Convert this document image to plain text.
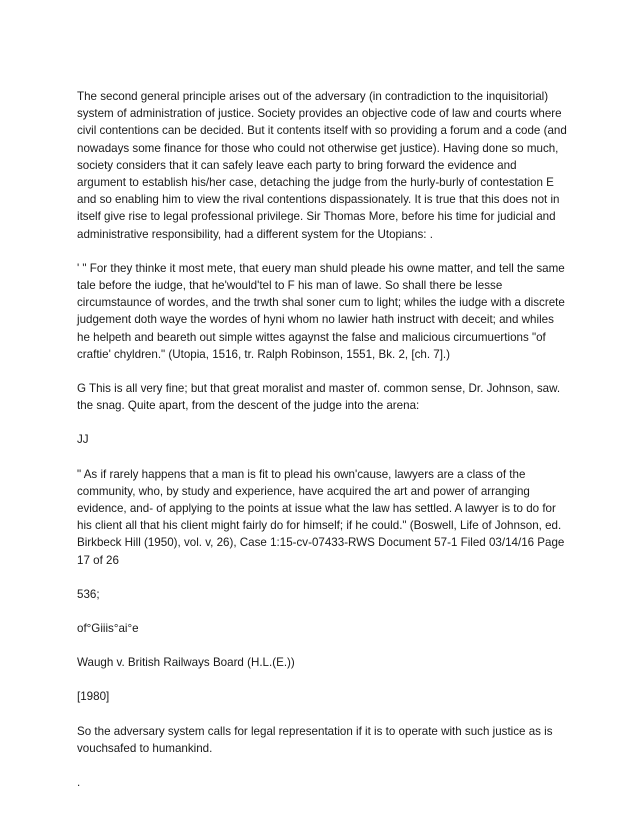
The second general principle arises out of the adversary (in contradiction to the inquisitorial) system of administration of justice. Society provides an objective code of law and courts where civil contentions can be decided. But it contents itself with so providing a forum and a code (and nowadays some finance for those who could not otherwise get justice). Having done so much, society considers that it can safely leave each party to bring forward the evidence and argument to establish his/her case, detaching the judge from the hurly-burly of contestation E and so enabling him to view the rival contentions dispassionately. It is true that this does not in itself give rise to legal professional privilege. Sir Thomas More, before his time for judicial and administrative responsibility, had a different system for the Utopians: .

' " For they thinke it most mete, that euery man shuld pleade his owne matter, and tell the same tale before the iudge, that he'would'tel to F his man of lawe. So shall there be lesse circumstaunce of wordes, and the trwth shal soner cum to light; whiles the iudge with a discrete judgement doth waye the wordes of hyni whom no lawier hath instruct with deceit; and whiles he helpeth and beareth out simple wittes agaynst the false and malicious circumuertions "of craftie' chyldren." (Utopia, 1516, tr. Ralph Robinson, 1551, Bk. 2, [ch. 7].)

G This is all very fine; but that great moralist and master of. common sense, Dr. Johnson, saw. the snag. Quite apart, from the descent of the judge into the arena:

JJ

" As if rarely happens that a man is fit to plead his own'cause, lawyers are a class of the community, who, by study and experience, have acquired the art and power of arranging evidence, and- of applying to the points at issue what the law has settled. A lawyer is to do for his client all that his client might fairly do for himself; if he could." (Boswell, Life of Johnson, ed. Birkbeck Hill (1950), vol. v, 26), Case 1:15-cv-07433-RWS Document 57-1 Filed 03/14/16 Page 17 of 26

536;

of°Giiis°ai°e

Waugh v. British Railways Board (H.L.(E.))

[1980]

So the adversary system calls for legal representation if it is to operate with such justice as is vouchsafed to humankind.

.
